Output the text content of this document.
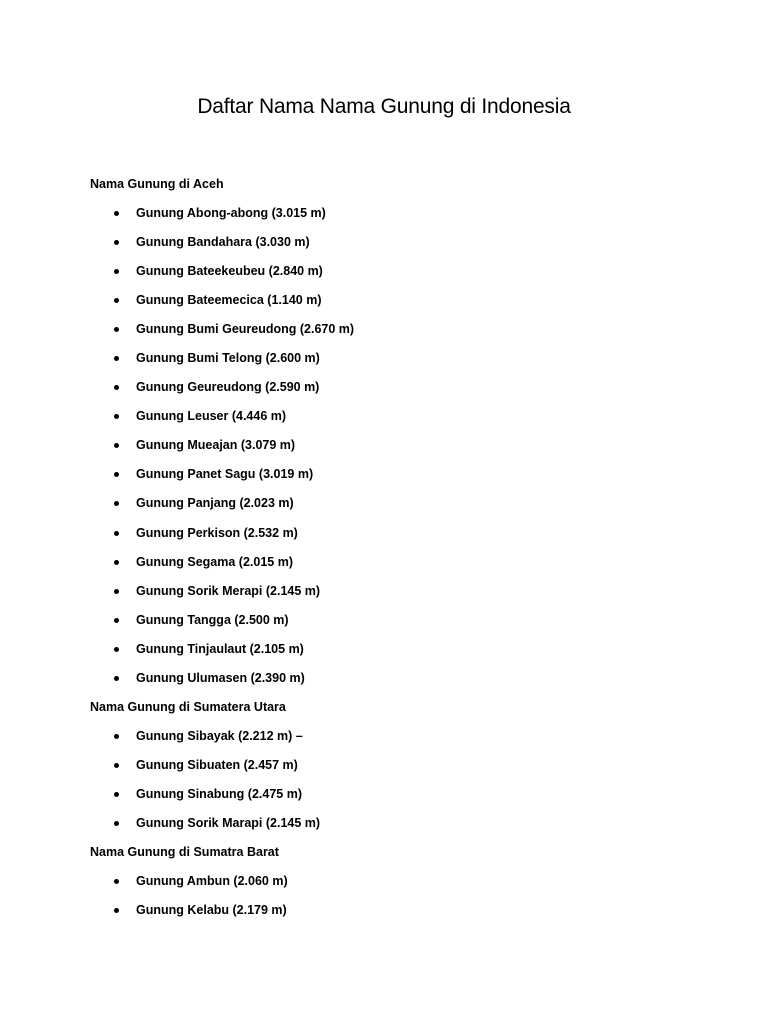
Daftar Nama Nama Gunung di Indonesia

Nama Gunung di Aceh

Gunung Abong-abong (3.015 m)
Gunung Bandahara (3.030 m)
Gunung Bateekeubeu (2.840 m)
Gunung Bateemecica (1.140 m)
Gunung Bumi Geureudong (2.670 m)
Gunung Bumi Telong (2.600 m)
Gunung Geureudong (2.590 m)
Gunung Leuser (4.446 m)
Gunung Mueajan (3.079 m)
Gunung Panet Sagu (3.019 m)
Gunung Panjang (2.023 m)
Gunung Perkison (2.532 m)
Gunung Segama (2.015 m)
Gunung Sorik Merapi (2.145 m)
Gunung Tangga (2.500 m)
Gunung Tinjaulaut (2.105 m)
Gunung Ulumasen (2.390 m)

Nama Gunung di Sumatera Utara

Gunung Sibayak (2.212 m) –
Gunung Sibuaten (2.457 m)
Gunung Sinabung (2.475 m)
Gunung Sorik Marapi (2.145 m)

Nama Gunung di Sumatra Barat

Gunung Ambun (2.060 m)
Gunung Kelabu (2.179 m)
